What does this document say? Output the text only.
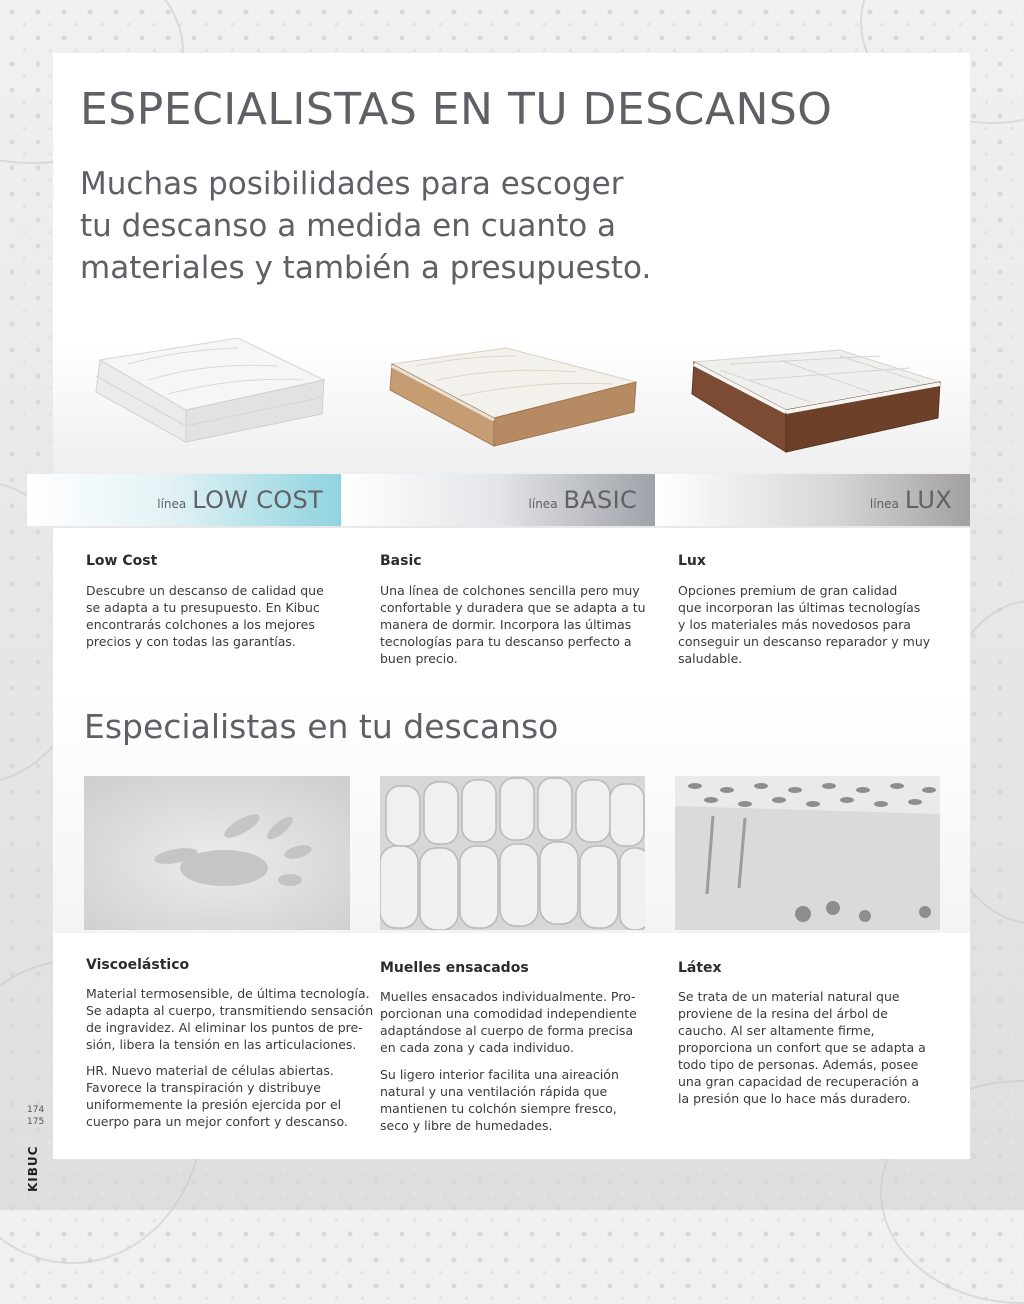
ESPECIALISTAS EN TU DESCANSO

Muchas posibilidades para escoger
tu descanso a medida en cuanto a
materiales y también a presupuesto.

línea LOW COST	línea BASIC	línea LUX
Low Cost

Descubre un descanso de calidad que
se adapta a tu presupuesto. En Kibuc
encontrarás colchones a los mejores
precios y con todas las garantías.

Basic

Una línea de colchones sencilla pero muy
confortable y duradera que se adapta a tu
manera de dormir. Incorpora las últimas
tecnologías para tu descanso perfecto a
buen precio.

Lux

Opciones premium de gran calidad
que incorporan las últimas tecnologías
y los materiales más novedosos para
conseguir un descanso reparador y muy
saludable.

Especialistas en tu descanso
Viscoelástico

Material termosensible, de última tecnología.
Se adapta al cuerpo, transmitiendo sensación
de ingravidez. Al eliminar los puntos de pre-
sión, libera la tensión en las articulaciones.

HR. Nuevo material de células abiertas.
Favorece la transpiración y distribuye
uniformemente la presión ejercida por el
cuerpo para un mejor confort y descanso.

Muelles ensacados

Muelles ensacados individualmente. Pro-
porcionan una comodidad independiente
adaptándose al cuerpo de forma precisa
en cada zona y cada individuo.

Su ligero interior facilita una aireación
natural y una ventilación rápida que
mantienen tu colchón siempre fresco,
seco y libre de humedades.

Látex

Se trata de un material natural que
proviene de la resina del árbol de
caucho. Al ser altamente firme,
proporciona un confort que se adapta a
todo tipo de personas. Además, posee
una gran capacidad de recuperación a
la presión que lo hace más duradero.

174
175
KIBUC
